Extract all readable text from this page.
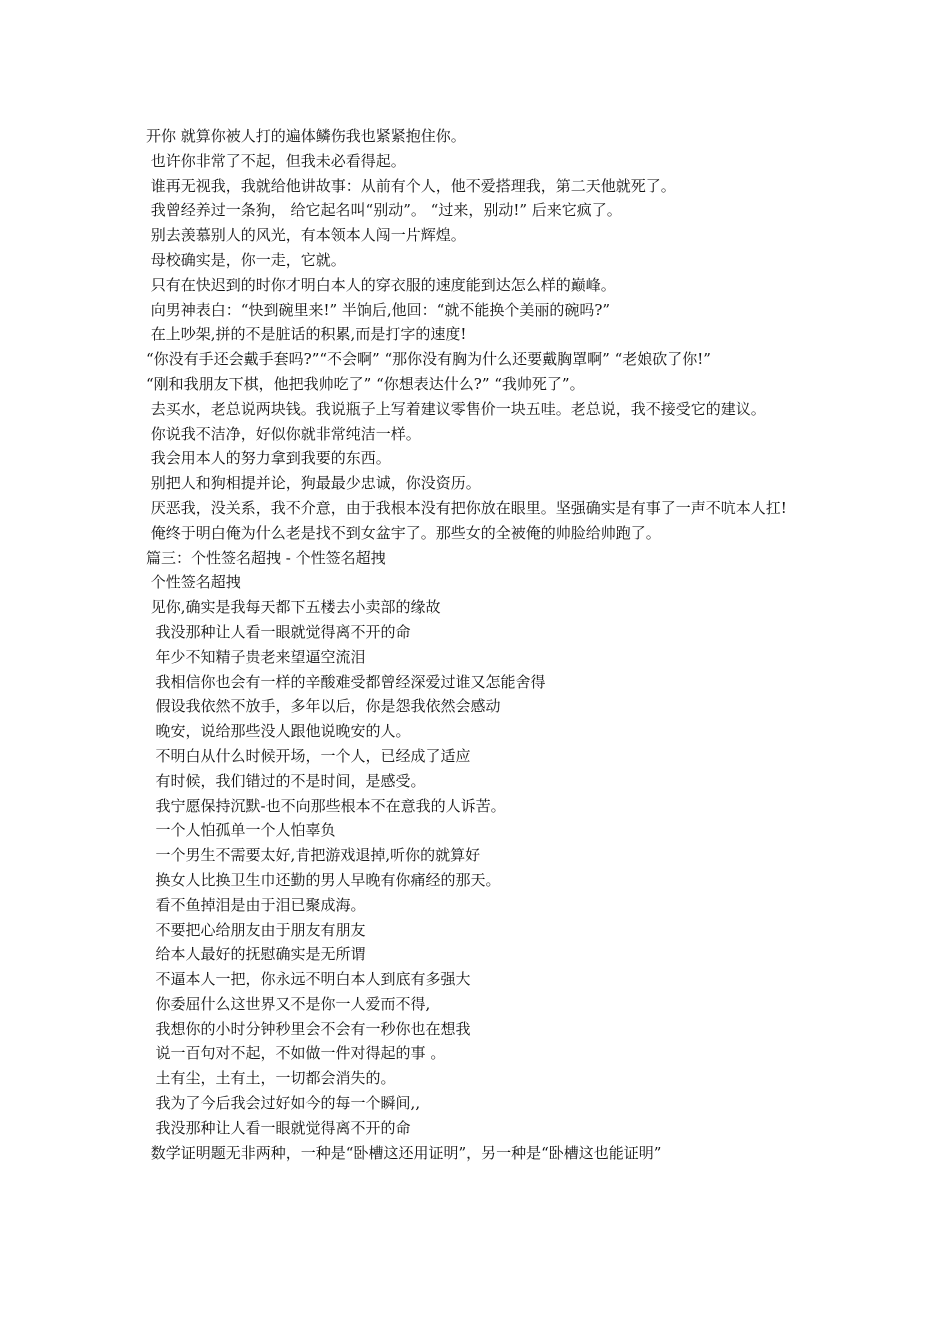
开你 就算你被人打的遍体鳞伤我也紧紧抱住你。

也许你非常了不起，但我未必看得起。

谁再无视我，我就给他讲故事：从前有个人，他不爱搭理我，第二天他就死了。

我曾经养过一条狗， 给它起名叫“别动”。 “过来，别动!” 后来它疯了。

别去羡慕别人的风光，有本领本人闯一片辉煌。

母校确实是，你一走，它就。

只有在快迟到的时你才明白本人的穿衣服的速度能到达怎么样的巅峰。

向男神表白：“快到碗里来!” 半饷后,他回：“就不能换个美丽的碗吗?”

在上吵架,拼的不是脏话的积累,而是打字的速度!

“你没有手还会戴手套吗?”“不会啊” “那你没有胸为什么还要戴胸罩啊” “老娘砍了你!”

“刚和我朋友下棋，他把我帅吃了” “你想表达什么?” “我帅死了”。

去买水，老总说两块钱。我说瓶子上写着建议零售价一块五哇。老总说，我不接受它的建议。

你说我不洁净，好似你就非常纯洁一样。

我会用本人的努力拿到我要的东西。

别把人和狗相提并论，狗最最少忠诚，你没资历。

厌恶我，没关系，我不介意，由于我根本没有把你放在眼里。坚强确实是有事了一声不吭本人扛!

俺终于明白俺为什么老是找不到女盆宇了。那些女的全被俺的帅脸给帅跑了。

篇三：个性签名超拽 - 个性签名超拽

个性签名超拽

见你,确实是我每天都下五楼去小卖部的缘故

我没那种让人看一眼就觉得离不开的命

年少不知精子贵老来望逼空流泪

我相信你也会有一样的辛酸难受都曾经深爱过谁又怎能舍得

假设我依然不放手，多年以后，你是怨我依然会感动

晚安，说给那些没人跟他说晚安的人。

不明白从什么时候开场，一个人，已经成了适应

有时候，我们错过的不是时间，是感受。

我宁愿保持沉默-也不向那些根本不在意我的人诉苦。

一个人怕孤单一个人怕辜负

一个男生不需要太好,肯把游戏退掉,听你的就算好

换女人比换卫生巾还勤的男人早晚有你痛经的那天。

看不鱼掉泪是由于泪已聚成海。

不要把心给朋友由于朋友有朋友

给本人最好的抚慰确实是无所谓

不逼本人一把，你永远不明白本人到底有多强大

你委屈什么这世界又不是你一人爱而不得,

我想你的小时分钟秒里会不会有一秒你也在想我

说一百句对不起，不如做一件对得起的事 。

土有尘，土有土，一切都会消失的。

我为了今后我会过好如今的每一个瞬间,,

我没那种让人看一眼就觉得离不开的命

数学证明题无非两种，一种是“卧槽这还用证明”，另一种是“卧槽这也能证明”
